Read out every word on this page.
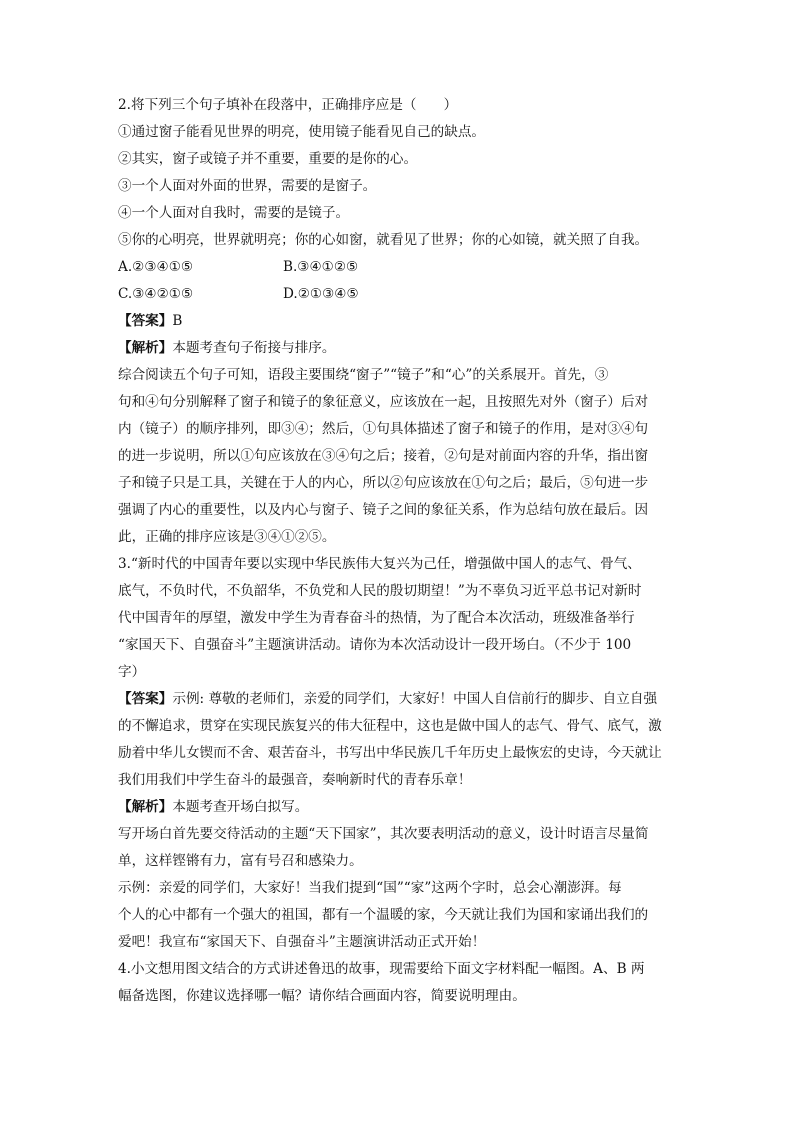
2.将下列三个句子填补在段落中，正确排序应是（　　）
①通过窗子能看见世界的明亮，使用镜子能看见自己的缺点。
②其实，窗子或镜子并不重要，重要的是你的心。
③一个人面对外面的世界，需要的是窗子。
④一个人面对自我时，需要的是镜子。
⑤你的心明亮，世界就明亮；你的心如窗，就看见了世界；你的心如镜，就关照了自我。
A.②③④①⑤	B.③④①②⑤
C.③④②①⑤	D.②①③④⑤
【答案】B
【解析】本题考查句子衔接与排序。
综合阅读五个句子可知，语段主要围绕“窗子”“镜子”和“心”的关系展开。首先，③
句和④句分别解释了窗子和镜子的象征意义，应该放在一起，且按照先对外（窗子）后对
内（镜子）的顺序排列，即③④；然后，①句具体描述了窗子和镜子的作用，是对③④句
的进一步说明，所以①句应该放在③④句之后；接着，②句是对前面内容的升华，指出窗
子和镜子只是工具，关键在于人的内心，所以②句应该放在①句之后；最后，⑤句进一步
强调了内心的重要性，以及内心与窗子、镜子之间的象征关系，作为总结句放在最后。因
此，正确的排序应该是③④①②⑤。
3.“新时代的中国青年要以实现中华民族伟大复兴为己任，增强做中国人的志气、骨气、
底气，不负时代，不负韶华，不负党和人民的殷切期望！”为不辜负习近平总书记对新时
代中国青年的厚望，激发中学生为青春奋斗的热情，为了配合本次活动，班级准备举行
“家国天下、自强奋斗”主题演讲活动。请你为本次活动设计一段开场白。（不少于 100
字）
【答案】示例: 尊敬的老师们，亲爱的同学们，大家好！中国人自信前行的脚步、自立自强
的不懈追求，贯穿在实现民族复兴的伟大征程中，这也是做中国人的志气、骨气、底气，激
励着中华儿女锲而不舍、艰苦奋斗，书写出中华民族几千年历史上最恢宏的史诗，今天就让
我们用我们中学生奋斗的最强音，奏响新时代的青春乐章！
【解析】本题考查开场白拟写。
写开场白首先要交待活动的主题“天下国家”，其次要表明活动的意义，设计时语言尽量简
单，这样铿锵有力，富有号召和感染力。
示例：亲爱的同学们，大家好！当我们提到“国”“家”这两个字时，总会心潮澎湃。每
个人的心中都有一个强大的祖国，都有一个温暖的家，今天就让我们为国和家诵出我们的
爱吧！我宣布“家国天下、自强奋斗”主题演讲活动正式开始！
4.小文想用图文结合的方式讲述鲁迅的故事，现需要给下面文字材料配一幅图。A、B 两
幅备选图，你建议选择哪一幅？请你结合画面内容，简要说明理由。
